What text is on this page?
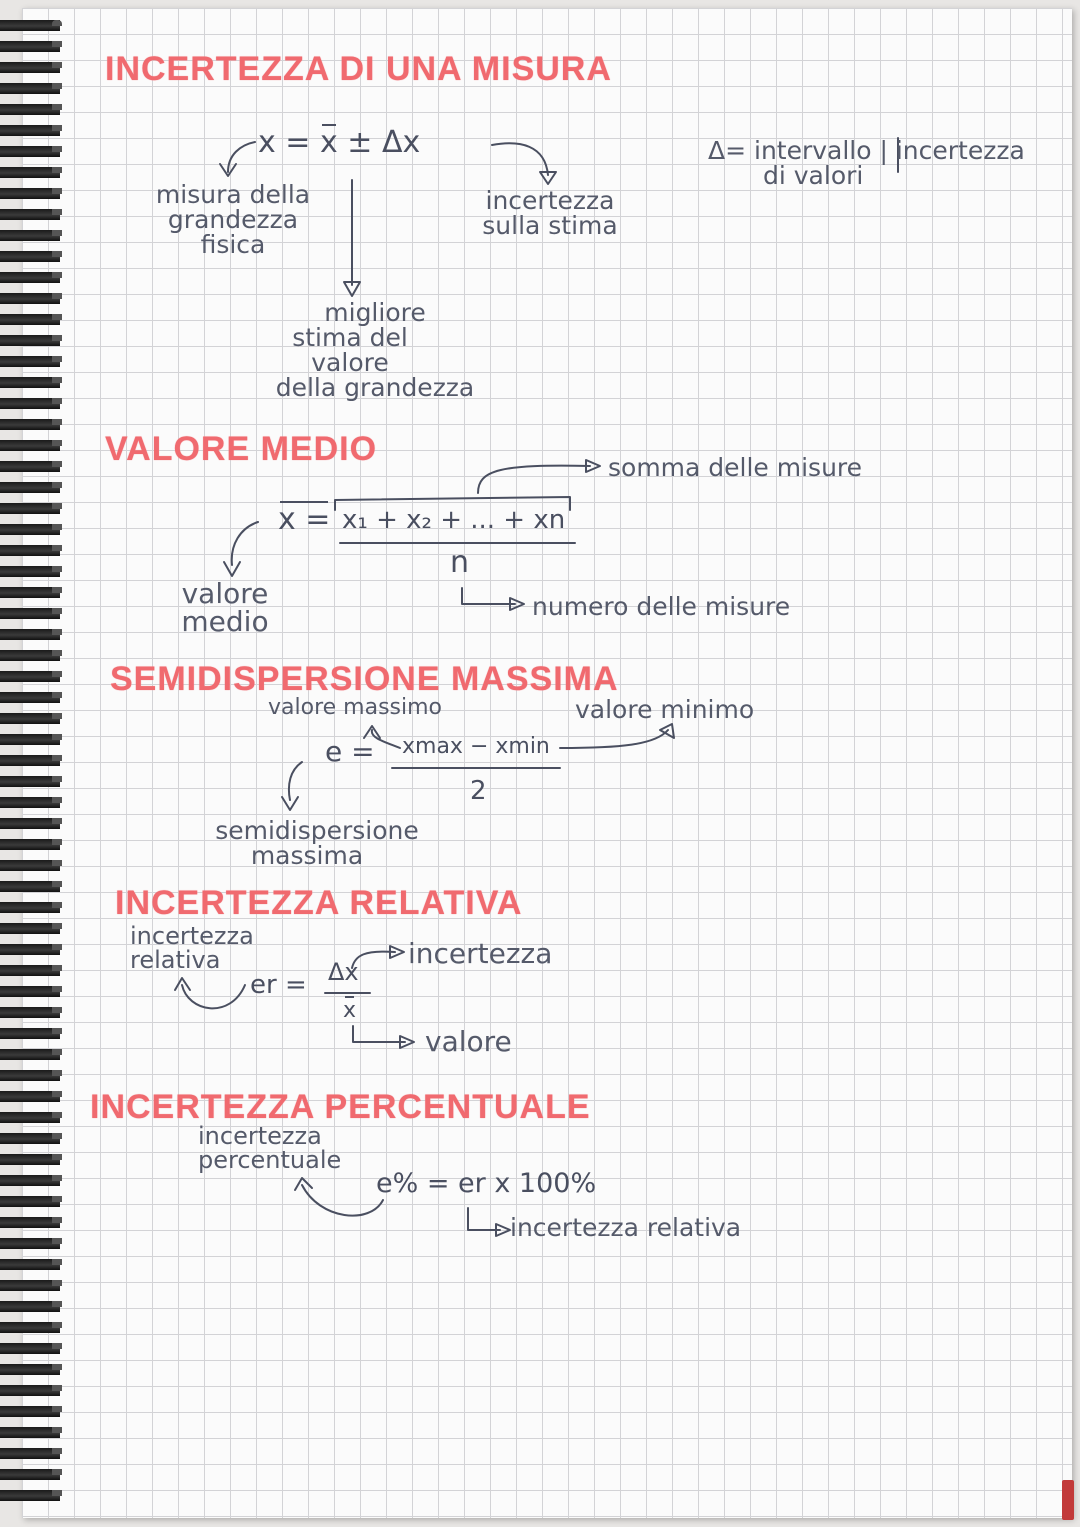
INCERTEZZA DI UNA MISURA
x = x ± Δx
misura della
grandezza
fisica
incertezza
sulla stima
migliore
stima del
valore
della grandezza
Δ= intervallo | incertezza
di valori
VALORE MEDIO
x = x₁ + x₂ + ... + xn
n
somma delle misure
numero delle misure
valore
medio
SEMIDISPERSIONE MASSIMA
valore massimo	valore minimo
e = xmax − xmin
2
semidispersione
massima
INCERTEZZA RELATIVA
incertezza
relativa
er = Δx
x
incertezza
valore
INCERTEZZA PERCENTUALE
incertezza
percentuale
e% = er x 100%
incertezza relativa
